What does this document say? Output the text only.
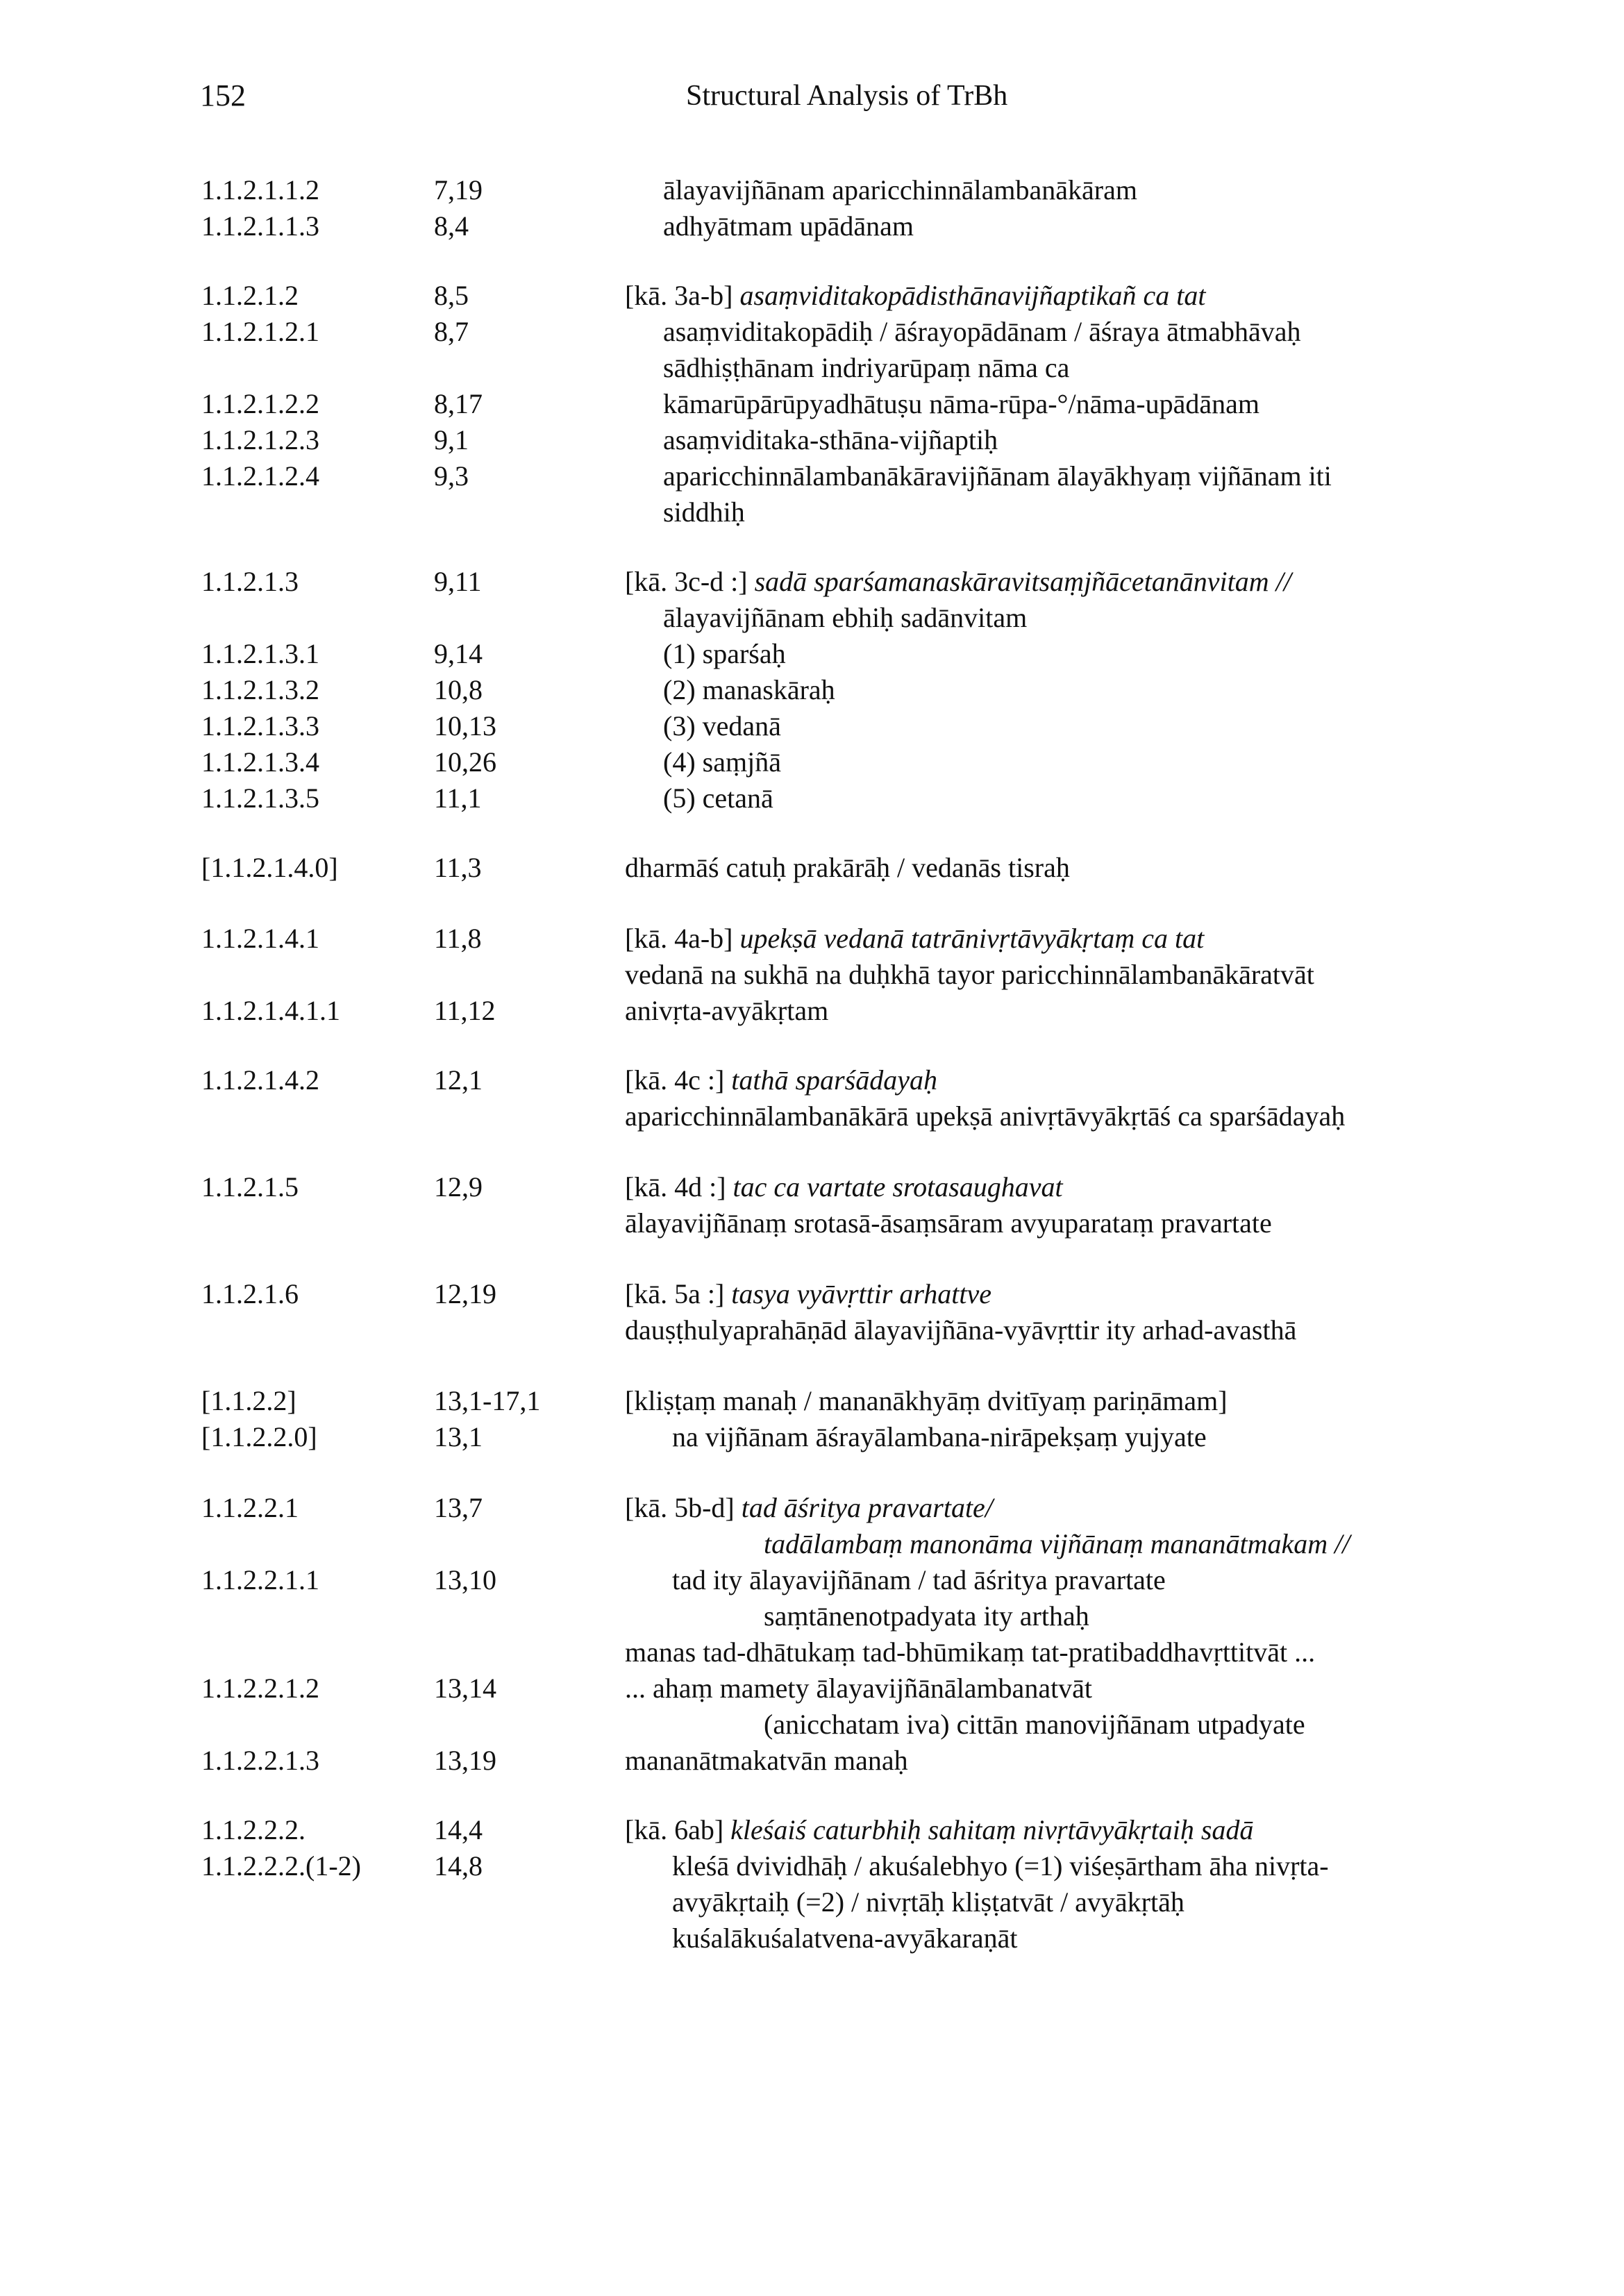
152	Structural Analysis of TrBh
1.1.2.1.1.2	7,19	ālayavijñānam aparicchinnālambanākāram
1.1.2.1.1.3	8,4	adhyātmam upādānam
1.1.2.1.2	8,5	[kā. 3a-b] asaṃviditakopādisthānavijñaptikañ ca tat
1.1.2.1.2.1	8,7	asaṃviditakopādiḥ / āśrayopādānam / āśraya ātmabhāvaḥ
sādhiṣṭhānam indriyarūpaṃ nāma ca
1.1.2.1.2.2	8,17	kāmarūpārūpyadhātuṣu nāma-rūpa-°/nāma-upādānam
1.1.2.1.2.3	9,1	asaṃviditaka-sthāna-vijñaptiḥ
1.1.2.1.2.4	9,3	aparicchinnālambanākāravijñānam ālayākhyaṃ vijñānam iti
siddhiḥ
1.1.2.1.3	9,11	[kā. 3c-d :] sadā sparśamanaskāravitsaṃjñācetanānvitam //
ālayavijñānam ebhiḥ sadānvitam
1.1.2.1.3.1	9,14	(1) sparśaḥ
1.1.2.1.3.2	10,8	(2) manaskāraḥ
1.1.2.1.3.3	10,13	(3) vedanā
1.1.2.1.3.4	10,26	(4) saṃjñā
1.1.2.1.3.5	11,1	(5) cetanā
[1.1.2.1.4.0]	11,3	dharmāś catuḥ prakārāḥ / vedanās tisraḥ
1.1.2.1.4.1	11,8	[kā. 4a-b] upekṣā vedanā tatrānivṛtāvyākṛtaṃ ca tat
vedanā na sukhā na duḥkhā tayor paricchinnālambanākāratvāt
1.1.2.1.4.1.1	11,12	anivṛta-avyākṛtam
1.1.2.1.4.2	12,1	[kā. 4c :] tathā sparśādayaḥ
aparicchinnālambanākārā upekṣā anivṛtāvyākṛtāś ca sparśādayaḥ
1.1.2.1.5	12,9	[kā. 4d :] tac ca vartate srotasaughavat
ālayavijñānaṃ srotasā-āsaṃsāram avyuparataṃ pravartate
1.1.2.1.6	12,19	[kā. 5a :] tasya vyāvṛttir arhattve
dauṣṭhulyaprahāṇād ālayavijñāna-vyāvṛttir ity arhad-avasthā
[1.1.2.2]	13,1-17,1	[kliṣṭaṃ manaḥ / mananākhyāṃ dvitīyaṃ pariṇāmam]
[1.1.2.2.0]	13,1	na vijñānam āśrayālambana-nirāpekṣaṃ yujyate
1.1.2.2.1	13,7	[kā. 5b-d] tad āśritya pravartate/
tadālambaṃ manonāma vijñānaṃ mananātmakam //
1.1.2.2.1.1	13,10	tad ity ālayavijñānam / tad āśritya pravartate
saṃtānenotpadyata ity arthaḥ
manas tad-dhātukaṃ tad-bhūmikaṃ tat-pratibaddhavṛttitvāt ...
1.1.2.2.1.2	13,14	... ahaṃ mamety ālayavijñānālambanatvāt
(anicchatam iva) cittān manovijñānam utpadyate
1.1.2.2.1.3	13,19	mananātmakatvān manaḥ
1.1.2.2.2.	14,4	[kā. 6ab] kleśaiś caturbhiḥ sahitaṃ nivṛtāvyākṛtaiḥ sadā
1.1.2.2.2.(1-2)	14,8	kleśā dvividhāḥ / akuśalebhyo (=1) viśeṣārtham āha nivṛta-
avyākṛtaiḥ (=2) / nivṛtāḥ kliṣṭatvāt / avyākṛtāḥ
kuśalākuśalatvena-avyākaraṇāt
